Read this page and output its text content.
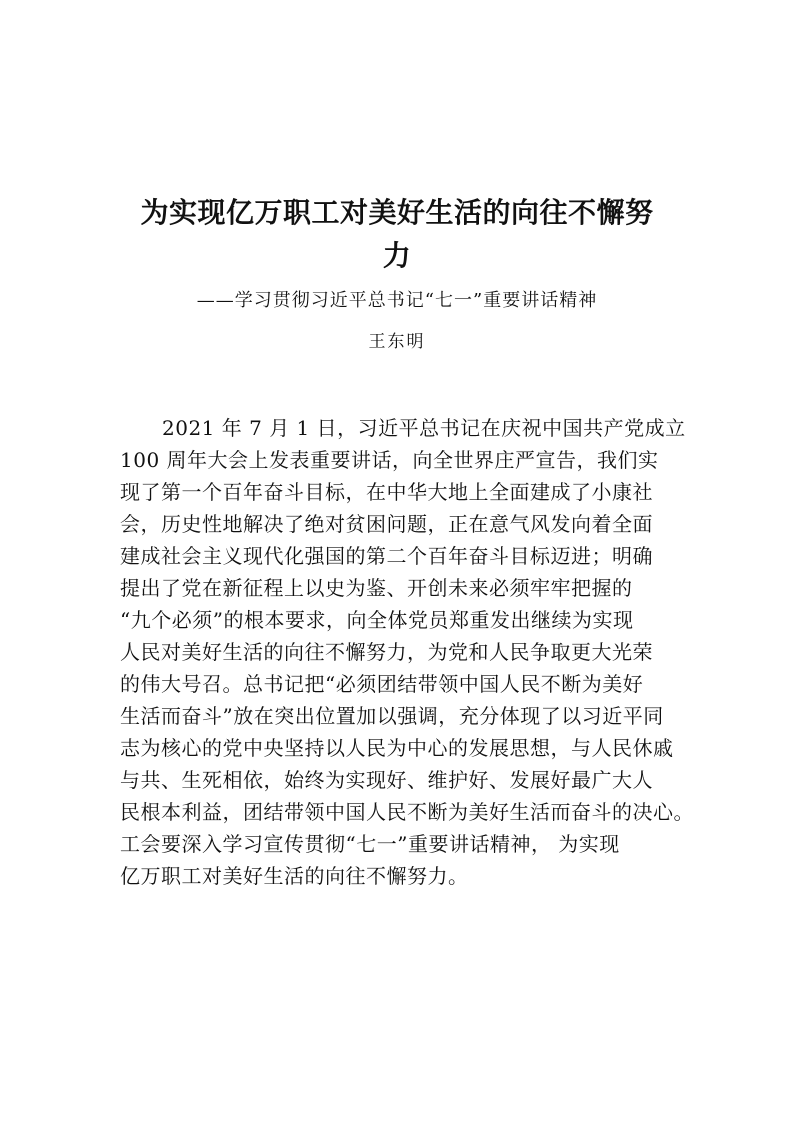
为实现亿万职工对美好生活的向往不懈努
力

——学习贯彻习近平总书记“七一”重要讲话精神

王东明

2021 年 7 月 1 日，习近平总书记在庆祝中国共产党成立
100 周年大会上发表重要讲话，向全世界庄严宣告，我们实
现了第一个百年奋斗目标，在中华大地上全面建成了小康社
会，历史性地解决了绝对贫困问题，正在意气风发向着全面
建成社会主义现代化强国的第二个百年奋斗目标迈进；明确
提出了党在新征程上以史为鉴、开创未来必须牢牢把握的
“九个必须”的根本要求，向全体党员郑重发出继续为实现
人民对美好生活的向往不懈努力，为党和人民争取更大光荣
的伟大号召。总书记把“必须团结带领中国人民不断为美好
生活而奋斗”放在突出位置加以强调，充分体现了以习近平同
志为核心的党中央坚持以人民为中心的发展思想，与人民休戚
与共、生死相依，始终为实现好、维护好、发展好最广大人
民根本利益，团结带领中国人民不断为美好生活而奋斗的决心。
工会要深入学习宣传贯彻“七一”重要讲话精神， 为实现
亿万职工对美好生活的向往不懈努力。
